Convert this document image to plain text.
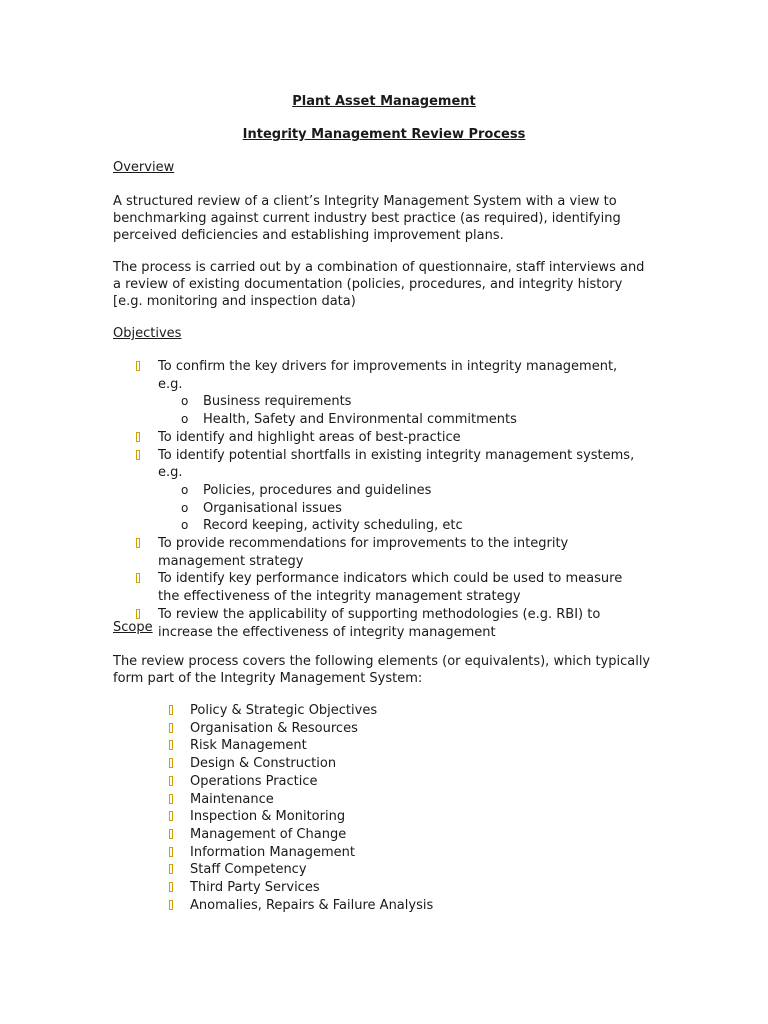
Plant Asset Management
Integrity Management Review Process
Overview
A structured review of a client’s Integrity Management System with a view to benchmarking against current industry best practice (as required), identifying perceived deficiencies and establishing improvement plans.
The process is carried out by a combination of questionnaire, staff interviews and a review of existing documentation (policies, procedures, and integrity history [e.g. monitoring and inspection data)
Objectives
To confirm the key drivers for improvements in integrity management, e.g.
o Business requirements
o Health, Safety and Environmental commitments
To identify and highlight areas of best-practice
To identify potential shortfalls in existing integrity management systems, e.g.
o Policies, procedures and guidelines
o Organisational issues
o Record keeping, activity scheduling, etc
To provide recommendations for improvements to the integrity management strategy
To identify key performance indicators which could be used to measure the effectiveness of the integrity management strategy
To review the applicability of supporting methodologies (e.g. RBI) to increase the effectiveness of integrity management
Scope
The review process covers the following elements (or equivalents), which typically form part of the Integrity Management System:
Policy & Strategic Objectives
Organisation & Resources
Risk Management
Design & Construction
Operations Practice
Maintenance
Inspection & Monitoring
Management of Change
Information Management
Staff Competency
Third Party Services
Anomalies, Repairs & Failure Analysis
